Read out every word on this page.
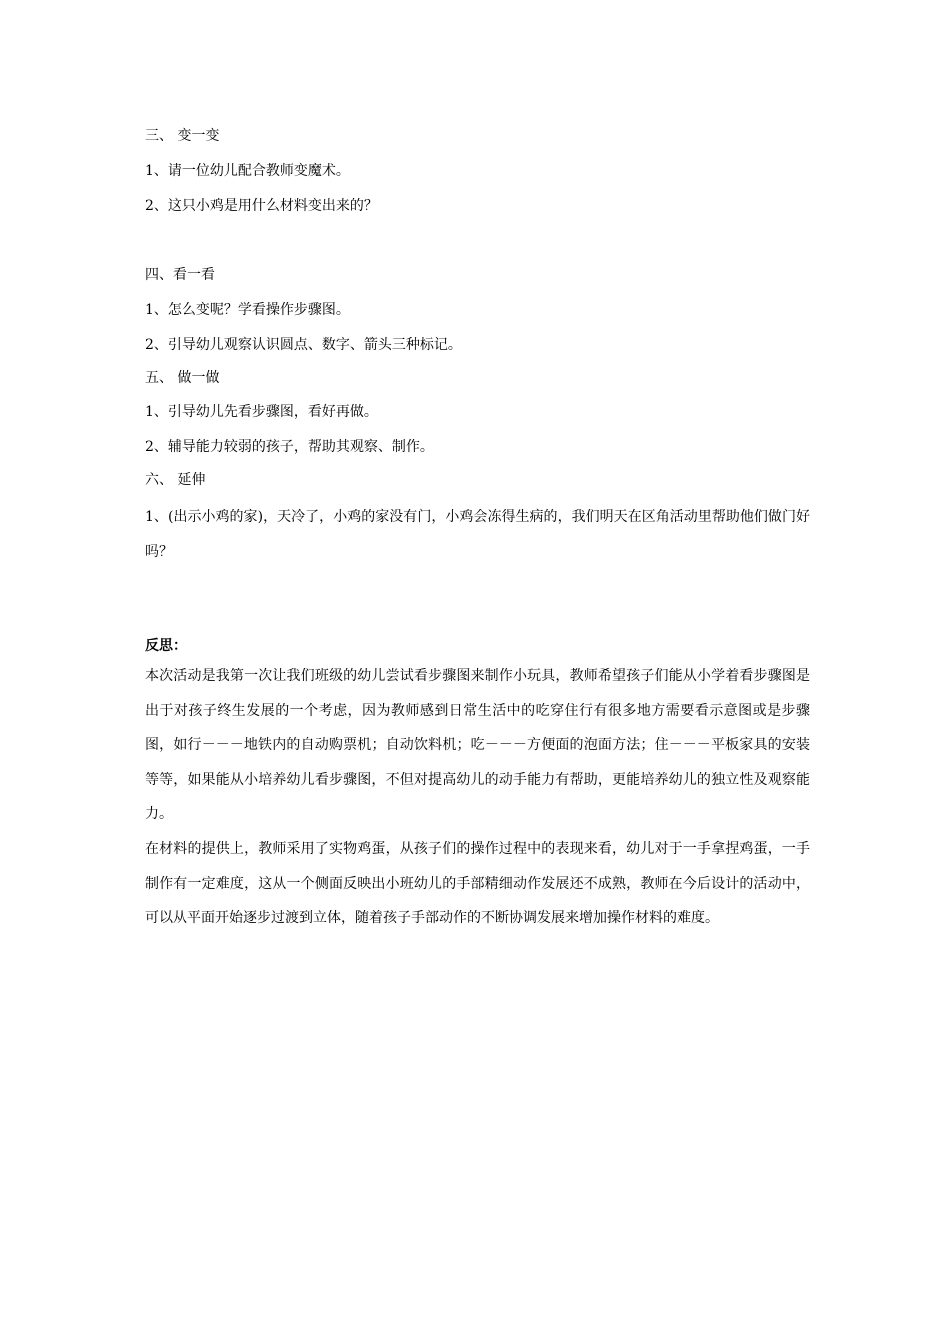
三、 变一变

1、请一位幼儿配合教师变魔术。

2、这只小鸡是用什么材料变出来的？

四、看一看

1、怎么变呢？学看操作步骤图。

2、引导幼儿观察认识圆点、数字、箭头三种标记。

五、 做一做

1、引导幼儿先看步骤图，看好再做。

2、辅导能力较弱的孩子，帮助其观察、制作。

六、 延伸

1、(出示小鸡的家)，天冷了，小鸡的家没有门，小鸡会冻得生病的，我们明天在区角活动里帮助他们做门好吗？

反思：

本次活动是我第一次让我们班级的幼儿尝试看步骤图来制作小玩具，教师希望孩子们能从小学着看步骤图是出于对孩子终生发展的一个考虑，因为教师感到日常生活中的吃穿住行有很多地方需要看示意图或是步骤图，如行－－－地铁内的自动购票机；自动饮料机；吃－－－方便面的泡面方法；住－－－平板家具的安装等等，如果能从小培养幼儿看步骤图，不但对提高幼儿的动手能力有帮助，更能培养幼儿的独立性及观察能力。

在材料的提供上，教师采用了实物鸡蛋，从孩子们的操作过程中的表现来看，幼儿对于一手拿捏鸡蛋，一手制作有一定难度，这从一个侧面反映出小班幼儿的手部精细动作发展还不成熟，教师在今后设计的活动中，可以从平面开始逐步过渡到立体，随着孩子手部动作的不断协调发展来增加操作材料的难度。
